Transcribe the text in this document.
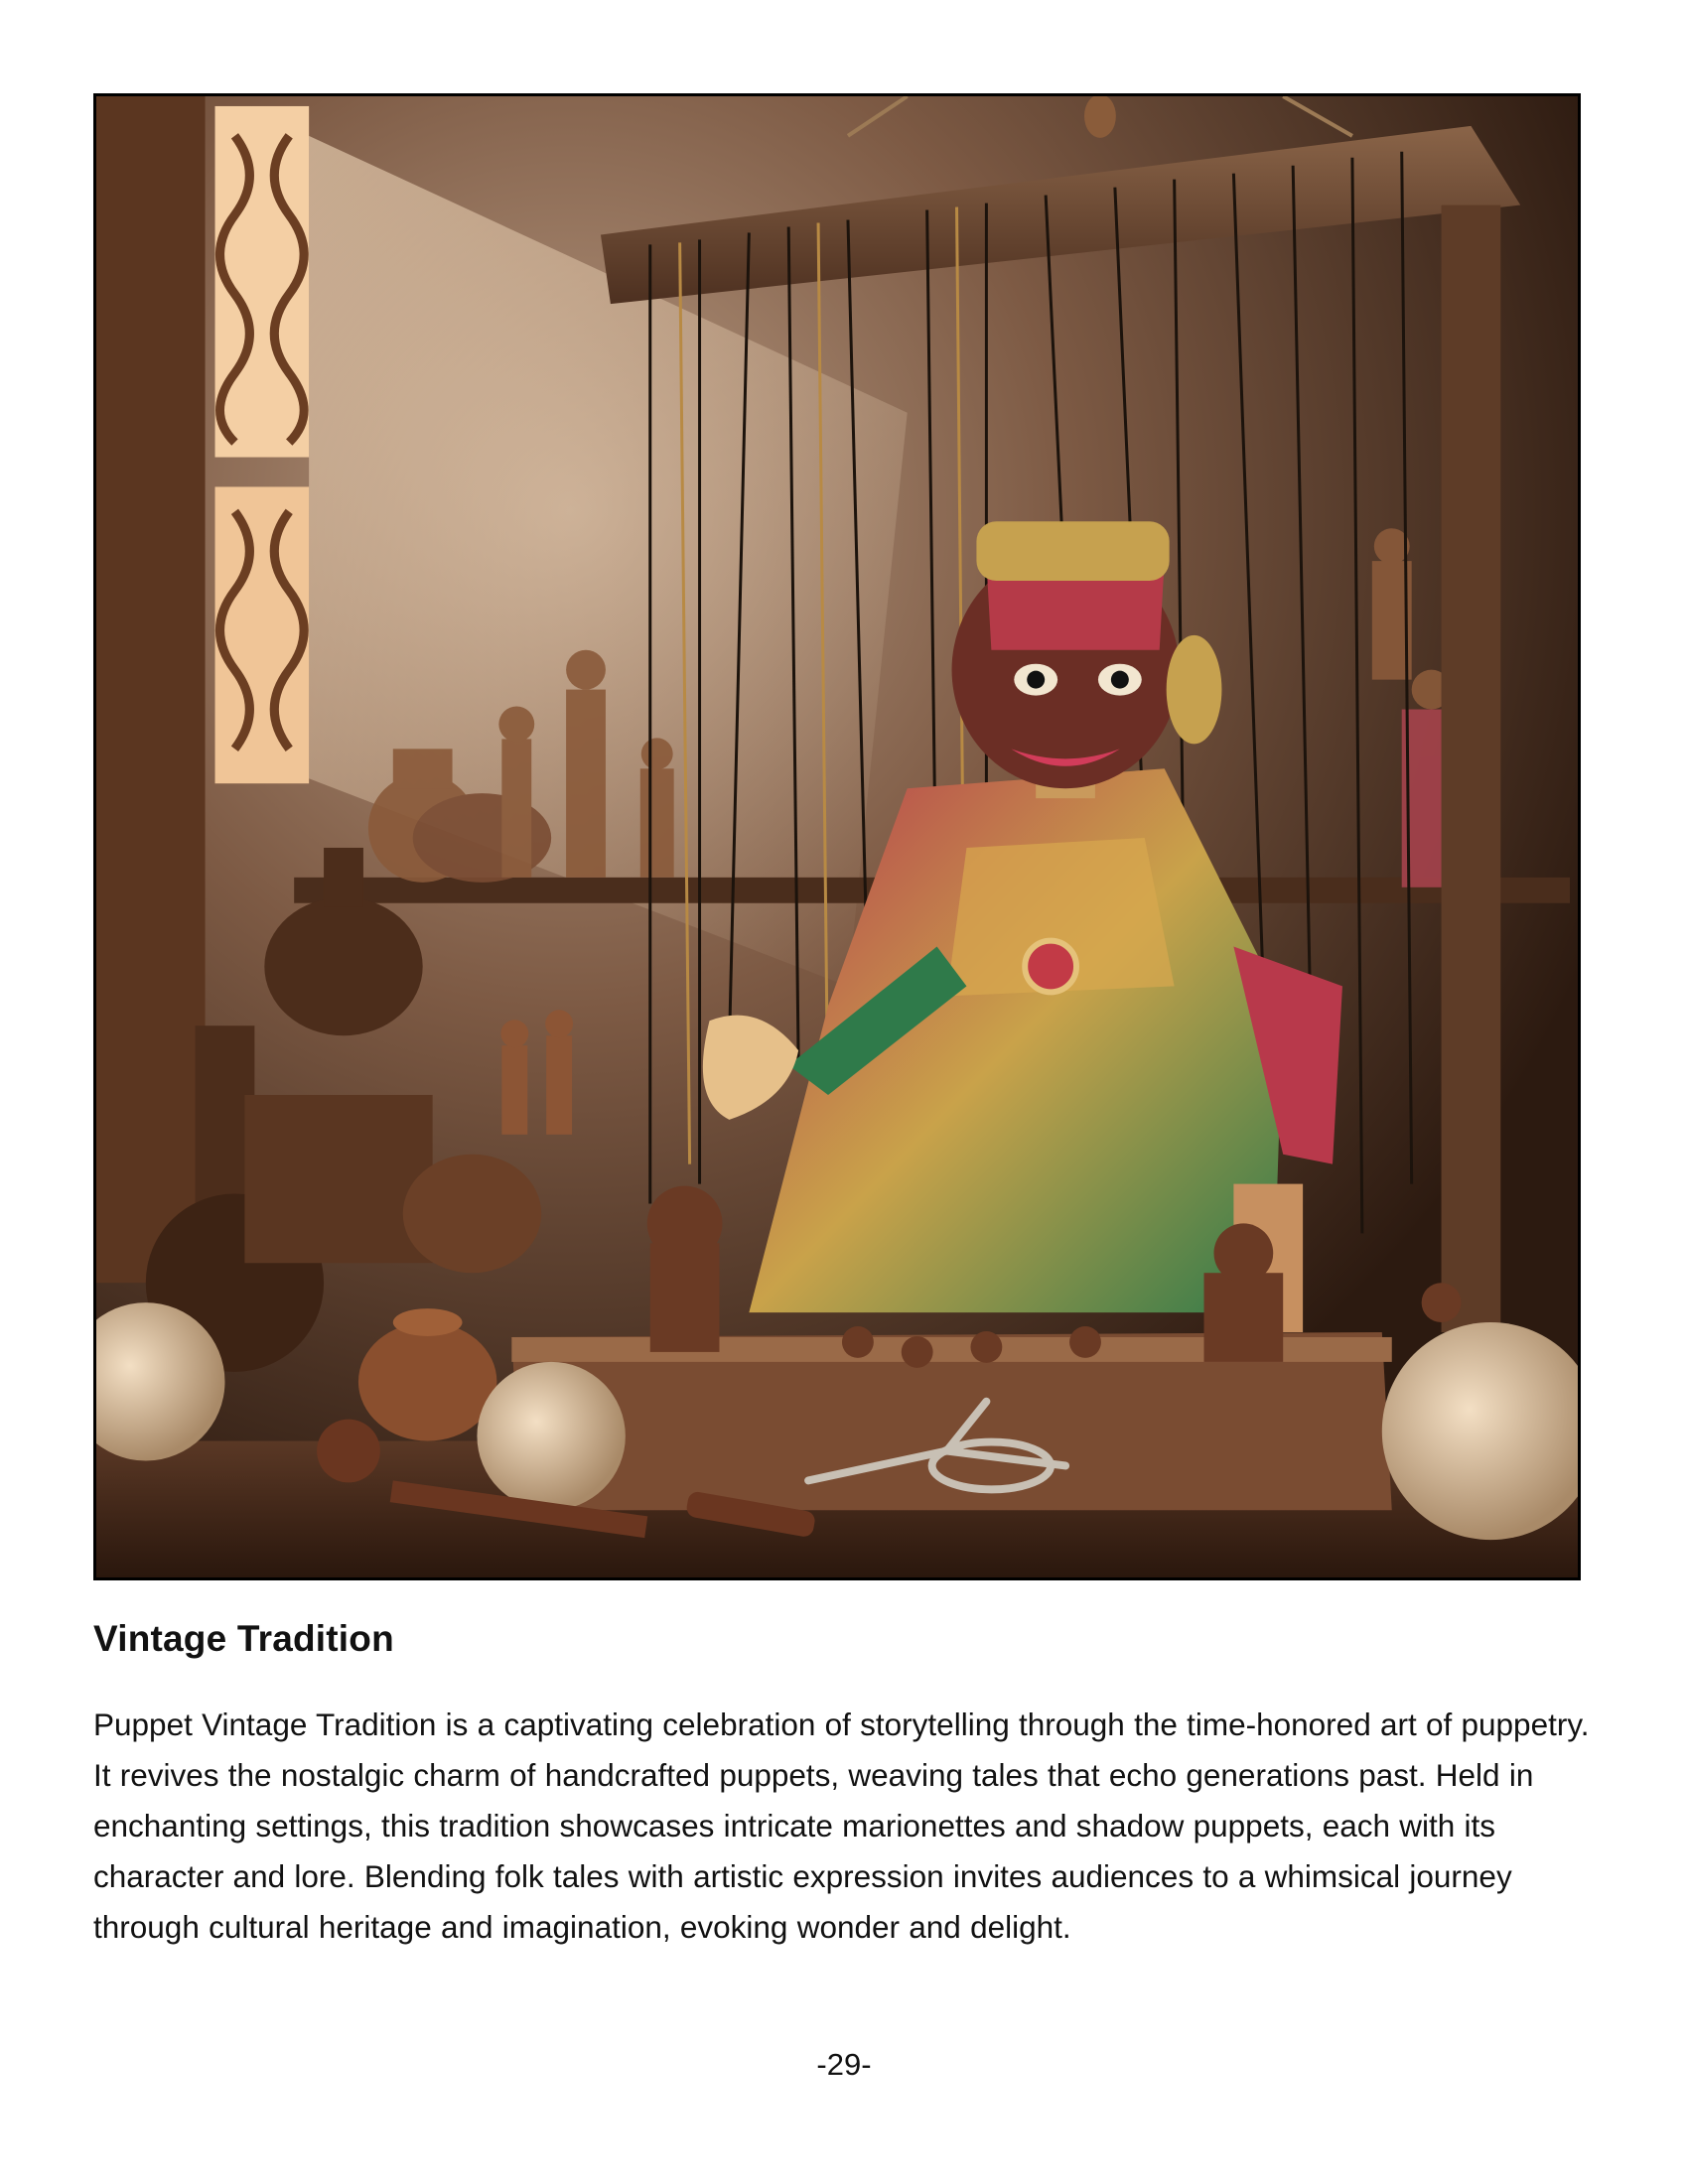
Vintage Tradition

Puppet Vintage Tradition is a captivating celebration of storytelling through the time-honored art of puppetry. It revives the nostalgic charm of handcrafted puppets, weaving tales that echo generations past. Held in enchanting settings, this tradition showcases intricate marionettes and shadow puppets, each with its character and lore. Blending folk tales with artistic expression invites audiences to a whimsical journey through cultural heritage and imagination, evoking wonder and delight.

-29-
